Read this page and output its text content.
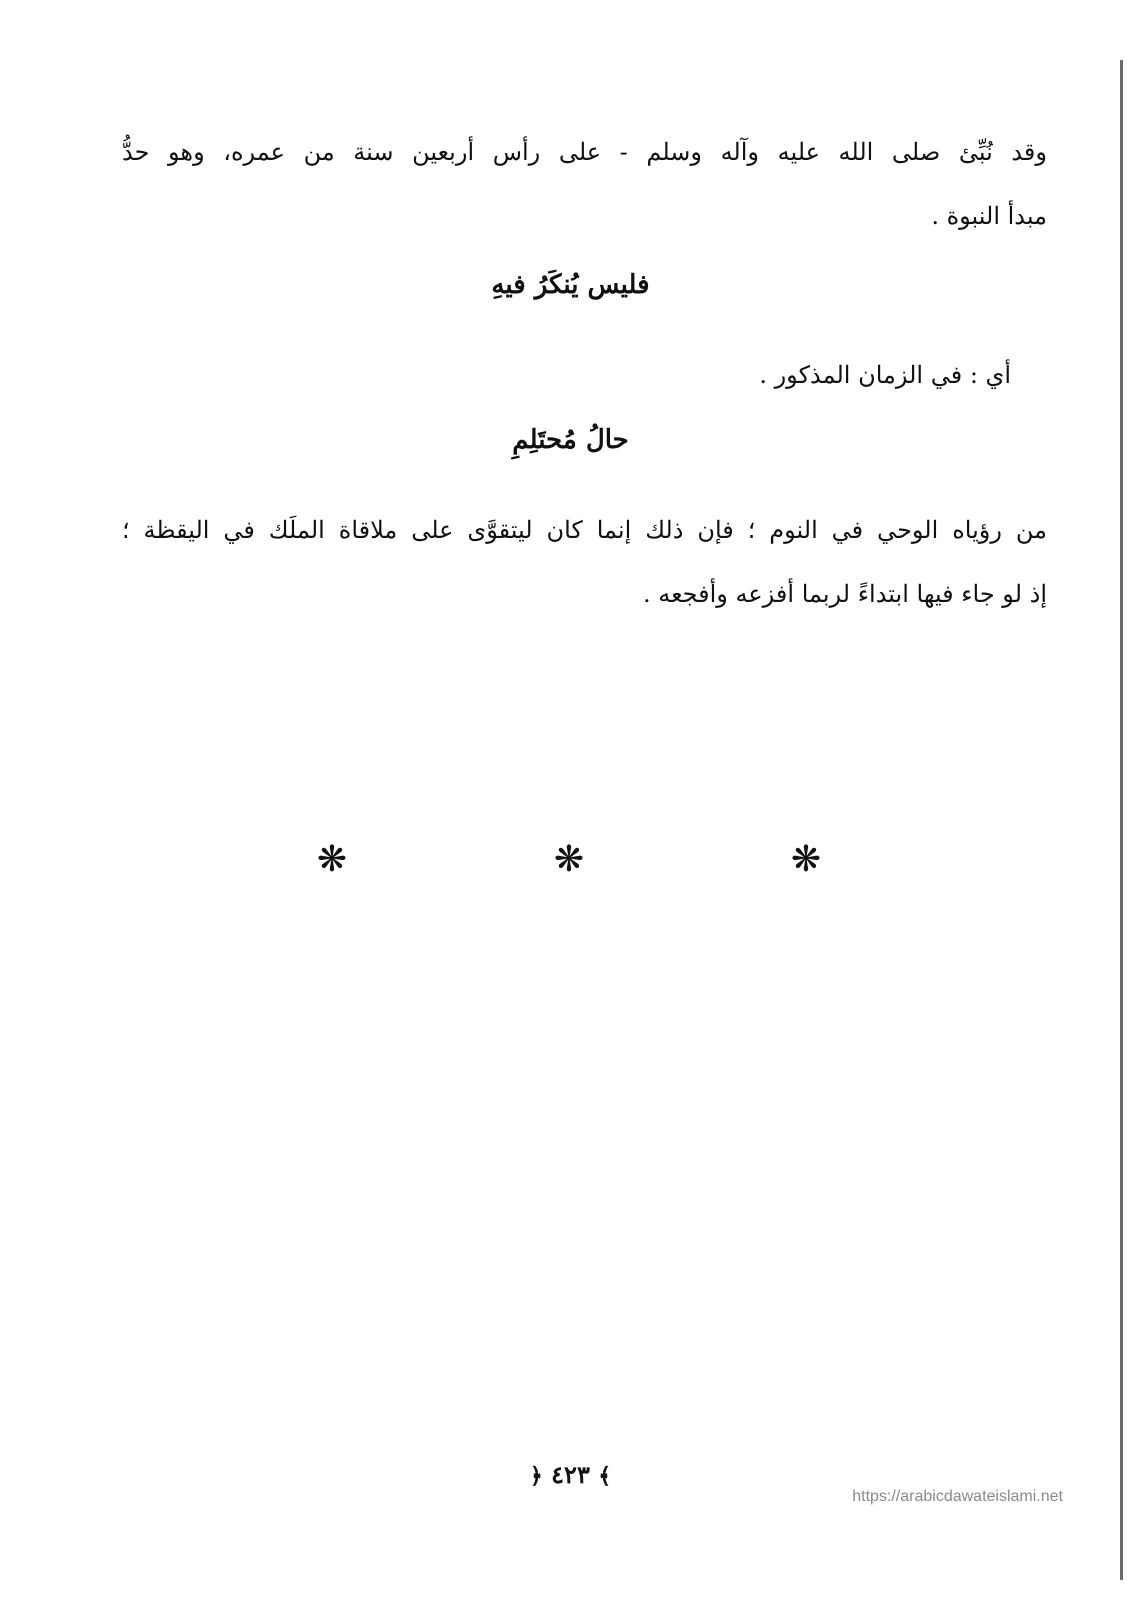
وقد نُبِّئ صلى الله عليه وآله وسلم - على رأس أربعين سنة من عمره، وهو حدُّ
مبدأ النبوة .

فليس يُنكَرُ فيهِ

أي : في الزمان المذكور .

حالُ مُحتَلِمِ

من رؤياه الوحي في النوم ؛ فإن ذلك إنما كان ليتقوَّى على ملاقاة الملَك في اليقظة ؛
إذ لو جاء فيها ابتداءً لربما أفزعه وأفجعه .

❋	❋	❋
﴾ ٤٢٣ ﴿
https://arabicdawateislami.net
